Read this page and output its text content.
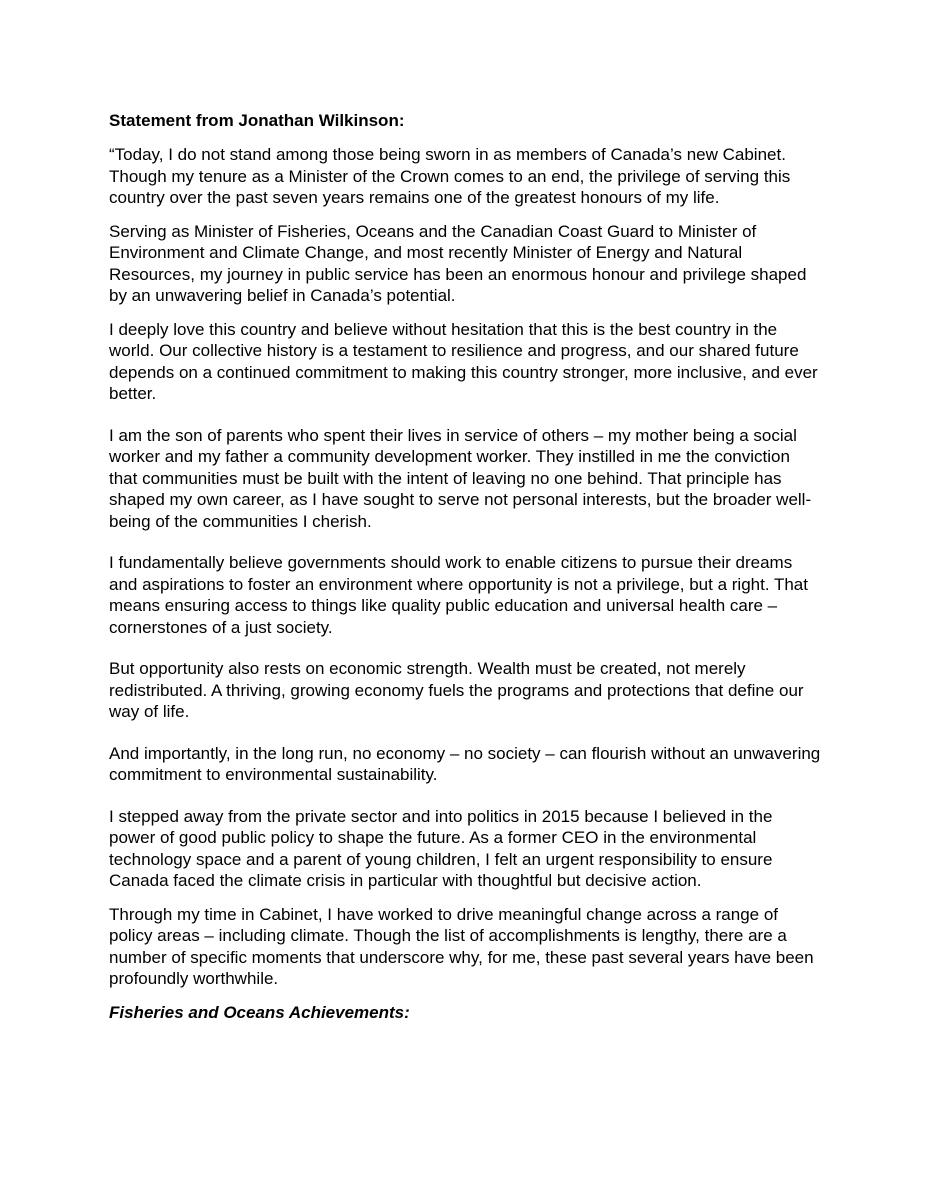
Statement from Jonathan Wilkinson:

“Today, I do not stand among those being sworn in as members of Canada’s new Cabinet. Though my tenure as a Minister of the Crown comes to an end, the privilege of serving this country over the past seven years remains one of the greatest honours of my life.

Serving as Minister of Fisheries, Oceans and the Canadian Coast Guard to Minister of Environment and Climate Change, and most recently Minister of Energy and Natural Resources, my journey in public service has been an enormous honour and privilege shaped by an unwavering belief in Canada’s potential.

I deeply love this country and believe without hesitation that this is the best country in the world. Our collective history is a testament to resilience and progress, and our shared future depends on a continued commitment to making this country stronger, more inclusive, and ever better.

I am the son of parents who spent their lives in service of others – my mother being a social worker and my father a community development worker. They instilled in me the conviction that communities must be built with the intent of leaving no one behind. That principle has shaped my own career, as I have sought to serve not personal interests, but the broader well-being of the communities I cherish.

I fundamentally believe governments should work to enable citizens to pursue their dreams and aspirations to foster an environment where opportunity is not a privilege, but a right. That means ensuring access to things like quality public education and universal health care – cornerstones of a just society.

But opportunity also rests on economic strength. Wealth must be created, not merely redistributed. A thriving, growing economy fuels the programs and protections that define our way of life.

And importantly, in the long run, no economy – no society – can flourish without an unwavering commitment to environmental sustainability.

I stepped away from the private sector and into politics in 2015 because I believed in the power of good public policy to shape the future. As a former CEO in the environmental technology space and a parent of young children, I felt an urgent responsibility to ensure Canada faced the climate crisis in particular with thoughtful but decisive action.

Through my time in Cabinet, I have worked to drive meaningful change across a range of policy areas – including climate. Though the list of accomplishments is lengthy, there are a number of specific moments that underscore why, for me, these past several years have been profoundly worthwhile.

Fisheries and Oceans Achievements:
